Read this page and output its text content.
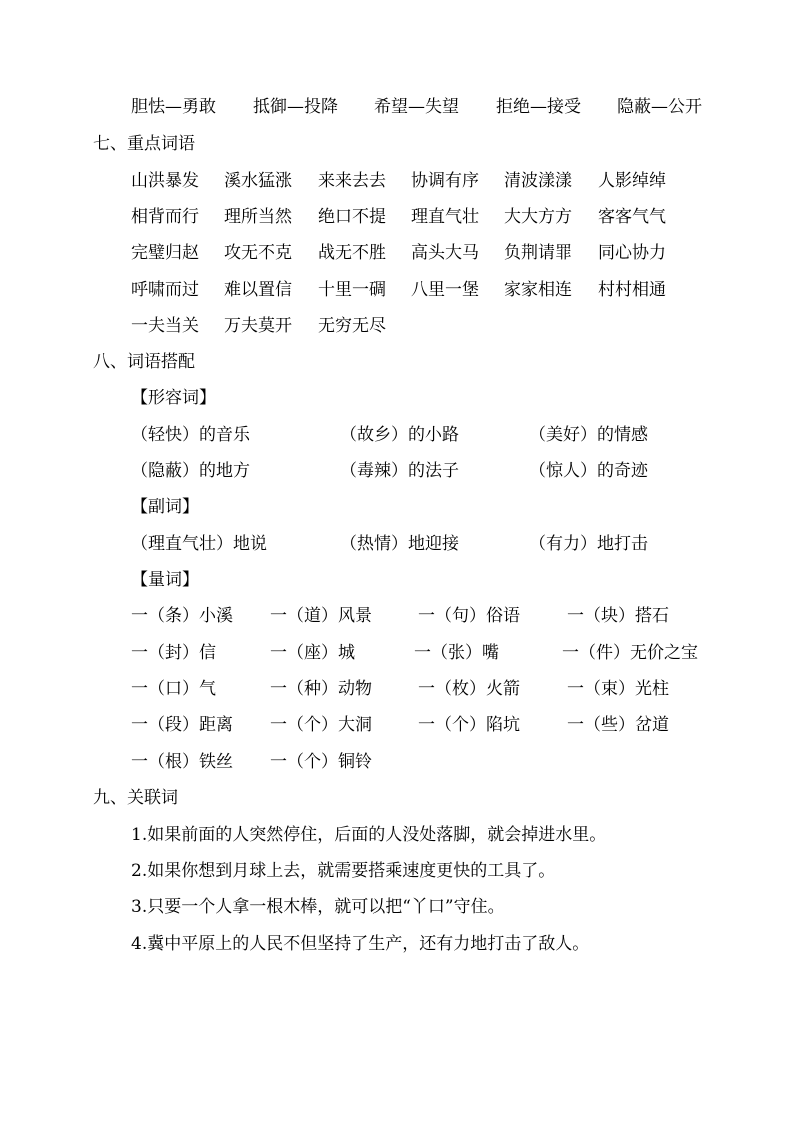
胆怯—勇敢 抵御—投降 希望—失望 拒绝—接受 隐蔽—公开
七、重点词语
山洪暴发 溪水猛涨 来来去去 协调有序 清波漾漾 人影绰绰
相背而行 理所当然 绝口不提 理直气壮 大大方方 客客气气
完璧归赵 攻无不克 战无不胜 高头大马 负荆请罪 同心协力
呼啸而过 难以置信 十里一碉 八里一堡 家家相连 村村相通
一夫当关 万夫莫开 无穷无尽
八、词语搭配
【形容词】
（轻快）的音乐	（故乡）的小路	（美好）的情感
（隐蔽）的地方	（毒辣）的法子	（惊人）的奇迹
【副词】
（理直气壮）地说	（热情）地迎接	（有力）地打击
【量词】
一（条）小溪 一（道）风景	一（句）俗语	一（块）搭石
一（封）信	一（座）城	一（张）嘴	一（件）无价之宝
一（口）气	一（种）动物	一（枚）火箭	一（束）光柱
一（段）距离 一（个）大洞	一（个）陷坑	一（些）岔道
一（根）铁丝 一（个）铜铃
九、关联词
1.如果前面的人突然停住，后面的人没处落脚，就会掉进水里。
2.如果你想到月球上去，就需要搭乘速度更快的工具了。
3.只要一个人拿一根木棒，就可以把“丫口”守住。
4.冀中平原上的人民不但坚持了生产，还有力地打击了敌人。
